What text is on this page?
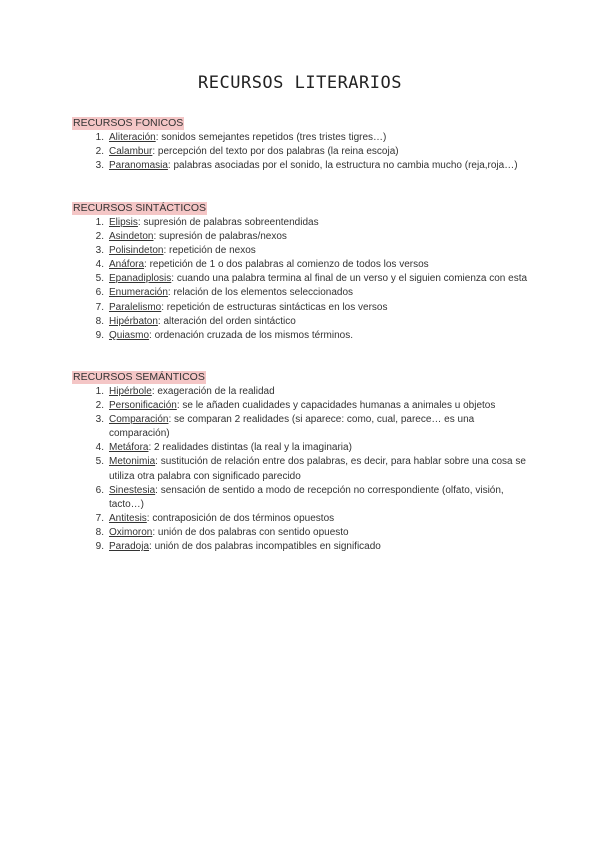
RECURSOS LITERARIOS
RECURSOS FONICOS
1. Aliteración: sonidos semejantes repetidos (tres tristes tigres…)
2. Calambur: percepción del texto por dos palabras (la reina escoja)
3. Paranomasia: palabras asociadas por el sonido, la estructura no cambia mucho (reja,roja…)
RECURSOS SINTÁCTICOS
1. Elipsis: supresión de palabras sobreentendidas
2. Asindeton: supresión de palabras/nexos
3. Polisindeton: repetición de nexos
4. Anáfora: repetición de 1 o dos palabras al comienzo de todos los versos
5. Epanadiplosis: cuando una palabra termina al final de un verso y el siguien comienza con esta
6. Enumeración: relación de los elementos seleccionados
7. Paralelismo: repetición de estructuras sintácticas en los versos
8. Hipérbaton: alteración del orden sintáctico
9. Quiasmo: ordenación cruzada de los mismos términos.
RECURSOS SEMÁNTICOS
1. Hipérbole: exageración de la realidad
2. Personificación: se le añaden cualidades y capacidades humanas a animales u objetos
3. Comparación: se comparan 2 realidades (si aparece: como, cual, parece… es una comparación)
4. Metáfora: 2 realidades distintas (la real y la imaginaria)
5. Metonimia: sustitución de relación entre dos palabras, es decir, para hablar sobre una cosa se utiliza otra palabra con significado parecido
6. Sinestesia: sensación de sentido a modo de recepción no correspondiente (olfato, visión, tacto…)
7. Antitesis: contraposición de dos términos opuestos
8. Oximoron: unión de dos palabras con sentido opuesto
9. Paradoja: unión de dos palabras incompatibles en significado
